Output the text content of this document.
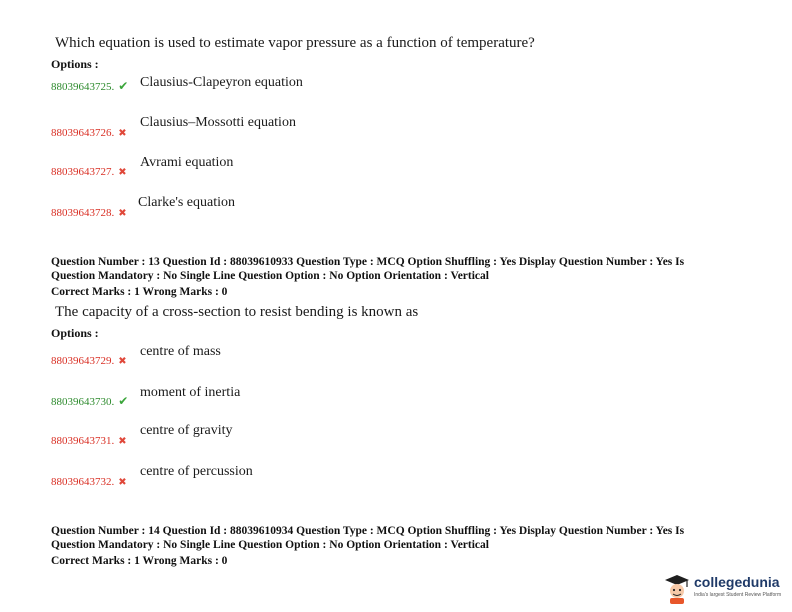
Which equation is used to estimate vapor pressure as a function of temperature?
Options :
88039643725. ✔ Clausius-Clapeyron equation
88039643726. ✖
Clausius–Mossotti equation
88039643727. ✖
Avrami equation
88039643728. ✖
Clarke's equation
Question Number : 13 Question Id : 88039610933 Question Type : MCQ Option Shuffling : Yes Display Question Number : Yes Is
Question Mandatory : No Single Line Question Option : No Option Orientation : Vertical
Correct Marks : 1 Wrong Marks : 0
The capacity of a cross-section to resist bending is known as
Options :
88039643729. ✖
centre of mass
88039643730. ✔
moment of inertia
88039643731. ✖
centre of gravity
88039643732. ✖
centre of percussion
Question Number : 14 Question Id : 88039610934 Question Type : MCQ Option Shuffling : Yes Display Question Number : Yes Is
Question Mandatory : No Single Line Question Option : No Option Orientation : Vertical
Correct Marks : 1 Wrong Marks : 0
collegedunia
India's largest Student Review Platform
